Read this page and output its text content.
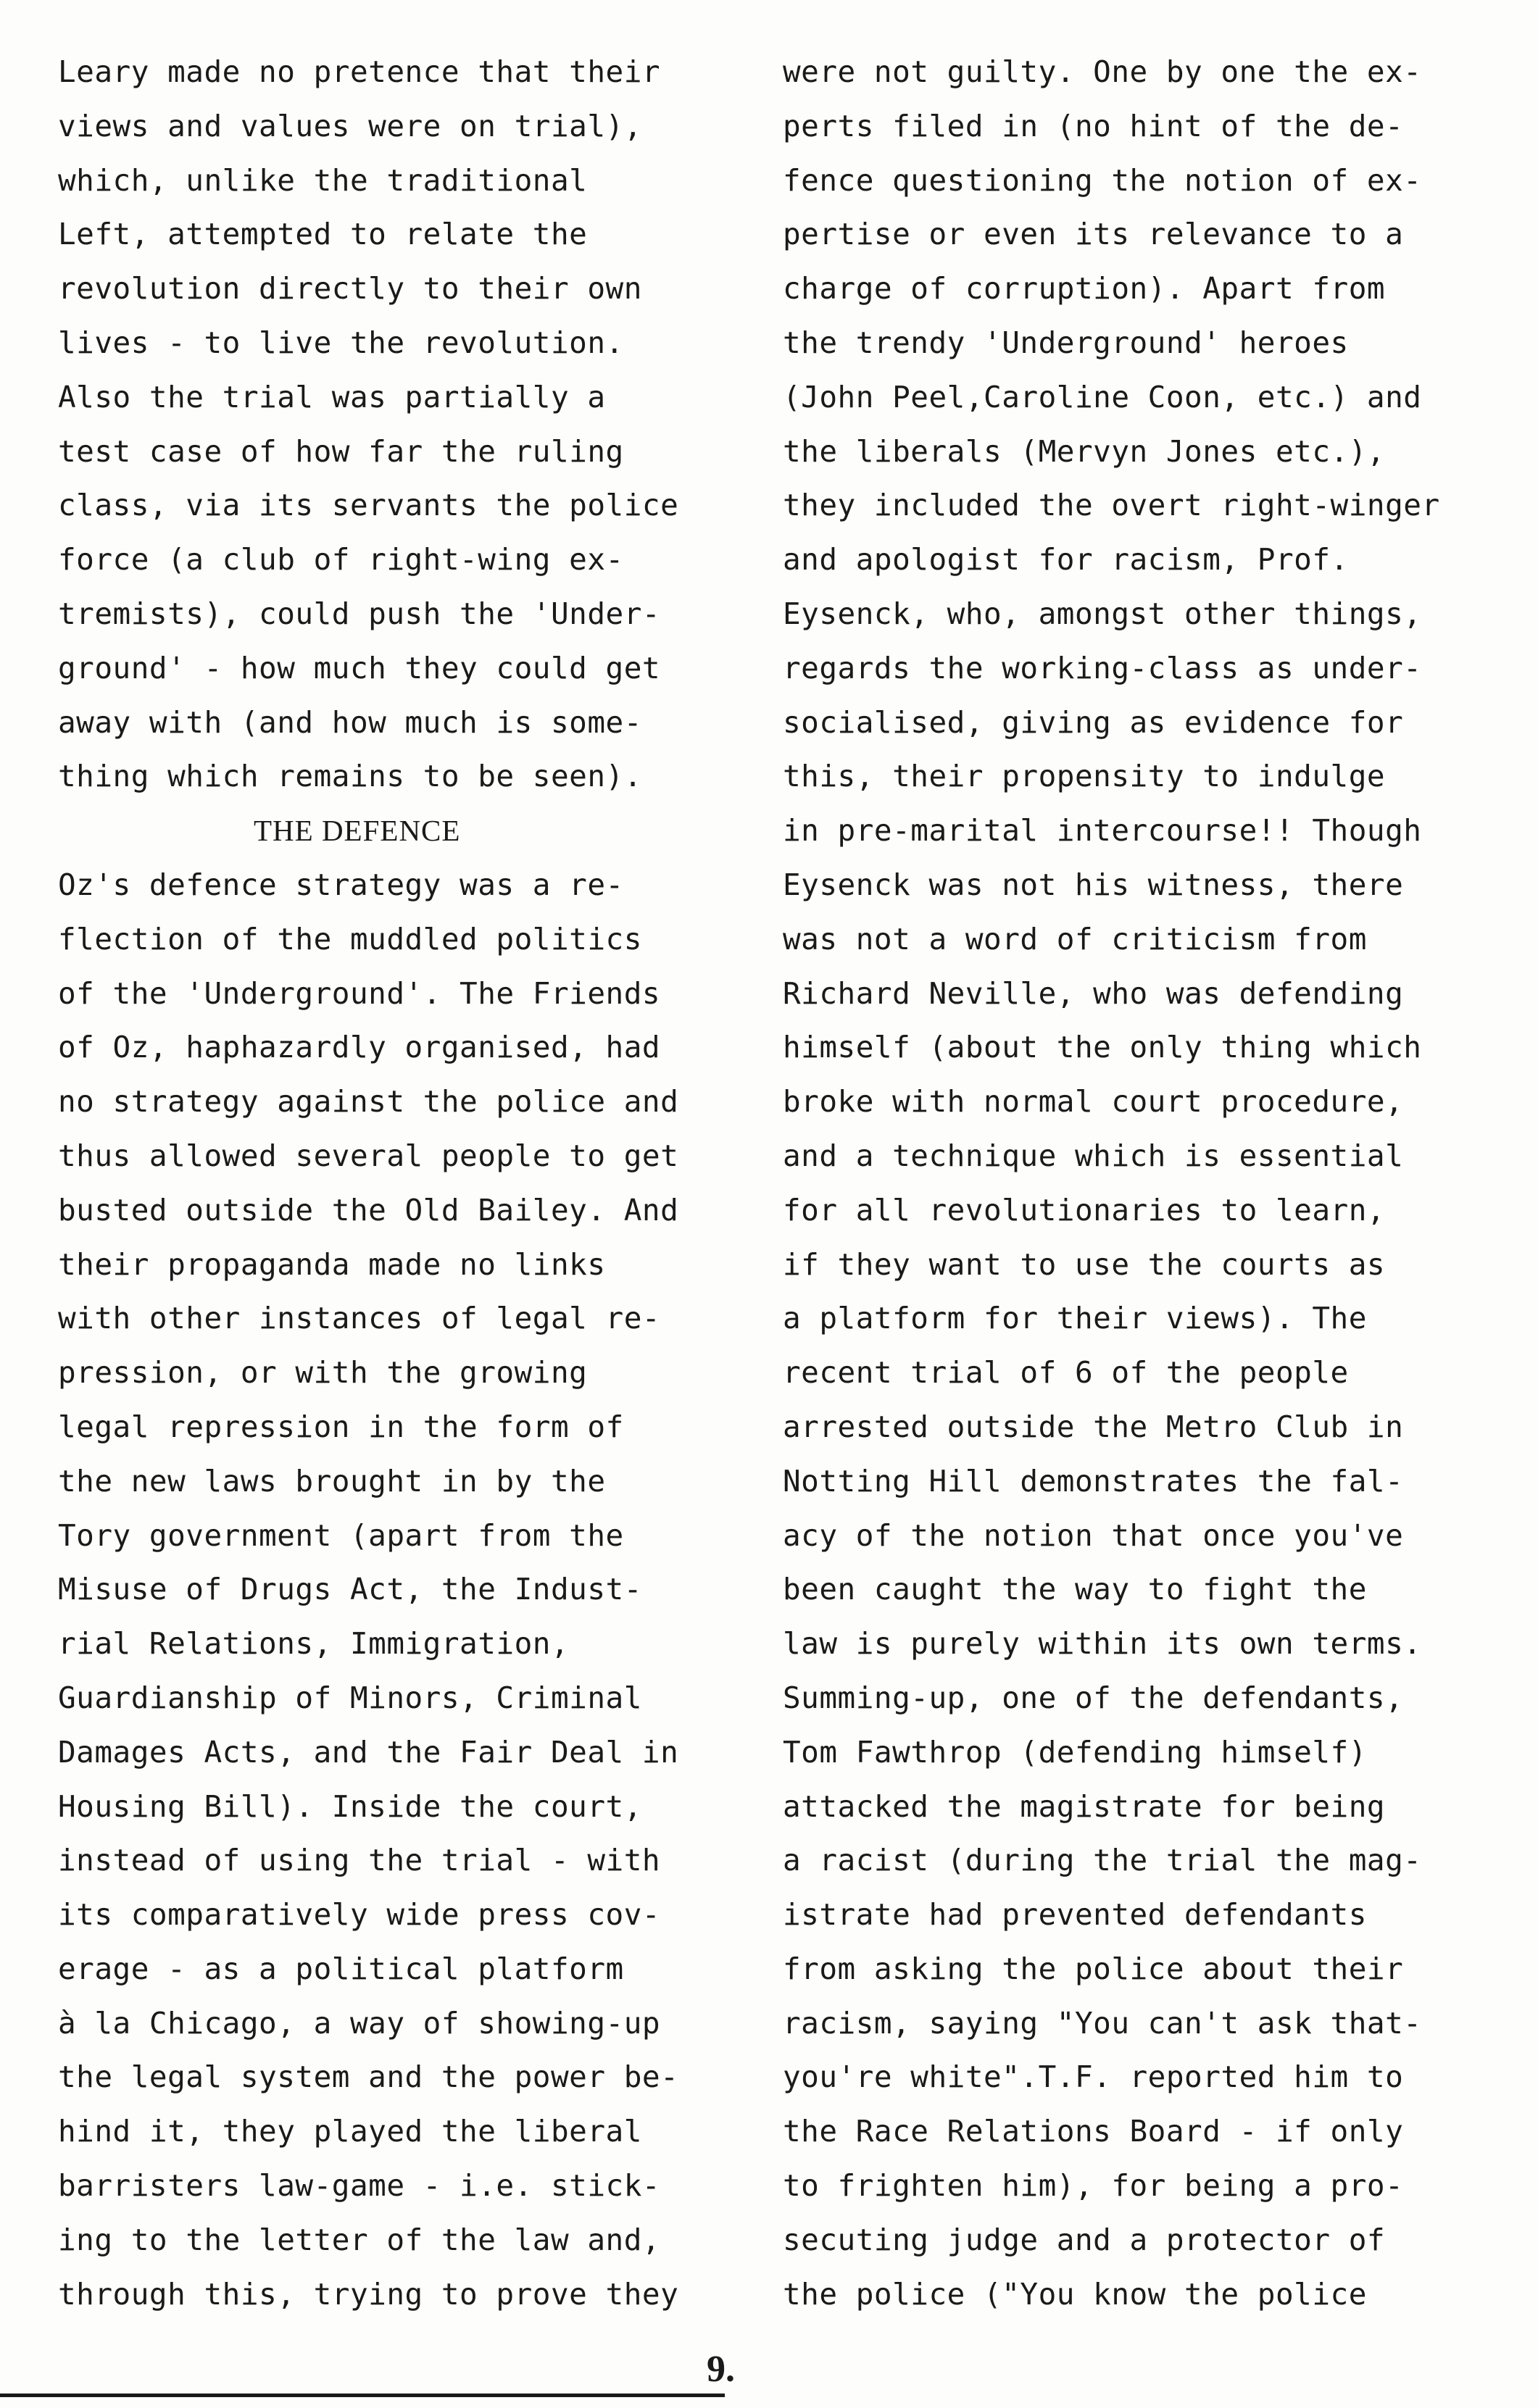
Leary made no pretence that their
views and values were on trial),
which, unlike the traditional
Left, attempted to relate the
revolution directly to their own
lives - to live the revolution.
Also the trial was partially a
test case of how far the ruling
class, via its servants the police
force (a club of right-wing ex-
tremists), could push the 'Under-
ground' - how much they could get
away with (and how much is some-
thing which remains to be seen).
THE DEFENCE
Oz's defence strategy was a re-
flection of the muddled politics
of the 'Underground'. The Friends
of Oz, haphazardly organised, had
no strategy against the police and
thus allowed several people to get
busted outside the Old Bailey. And
their propaganda made no links
with other instances of legal re-
pression, or with the growing
legal repression in the form of
the new laws brought in by the
Tory government (apart from the
Misuse of Drugs Act, the Indust-
rial Relations, Immigration,
Guardianship of Minors, Criminal
Damages Acts, and the Fair Deal in
Housing Bill). Inside the court,
instead of using the trial - with
its comparatively wide press cov-
erage - as a political platform
à la Chicago, a way of showing-up
the legal system and the power be-
hind it, they played the liberal
barristers law-game - i.e. stick-
ing to the letter of the law and,
through this, trying to prove they
were not guilty. One by one the ex-
perts filed in (no hint of the de-
fence questioning the notion of ex-
pertise or even its relevance to a
charge of corruption). Apart from
the trendy 'Underground' heroes
(John Peel,Caroline Coon, etc.) and
the liberals (Mervyn Jones etc.),
they included the overt right-winger
and apologist for racism, Prof.
Eysenck, who, amongst other things,
regards the working-class as under-
socialised, giving as evidence for
this, their propensity to indulge
in pre-marital intercourse!! Though
Eysenck was not his witness, there
was not a word of criticism from
Richard Neville, who was defending
himself (about the only thing which
broke with normal court procedure,
and a technique which is essential
for all revolutionaries to learn,
if they want to use the courts as
a platform for their views). The
recent trial of 6 of the people
arrested outside the Metro Club in
Notting Hill demonstrates the fal-
acy of the notion that once you've
been caught the way to fight the
law is purely within its own terms.
Summing-up, one of the defendants,
Tom Fawthrop (defending himself)
attacked the magistrate for being
a racist (during the trial the mag-
istrate had prevented defendants
from asking the police about their
racism, saying "You can't ask that-
you're white".T.F. reported him to
the Race Relations Board - if only
to frighten him), for being a pro-
secuting judge and a protector of
the police ("You know the police
9.
